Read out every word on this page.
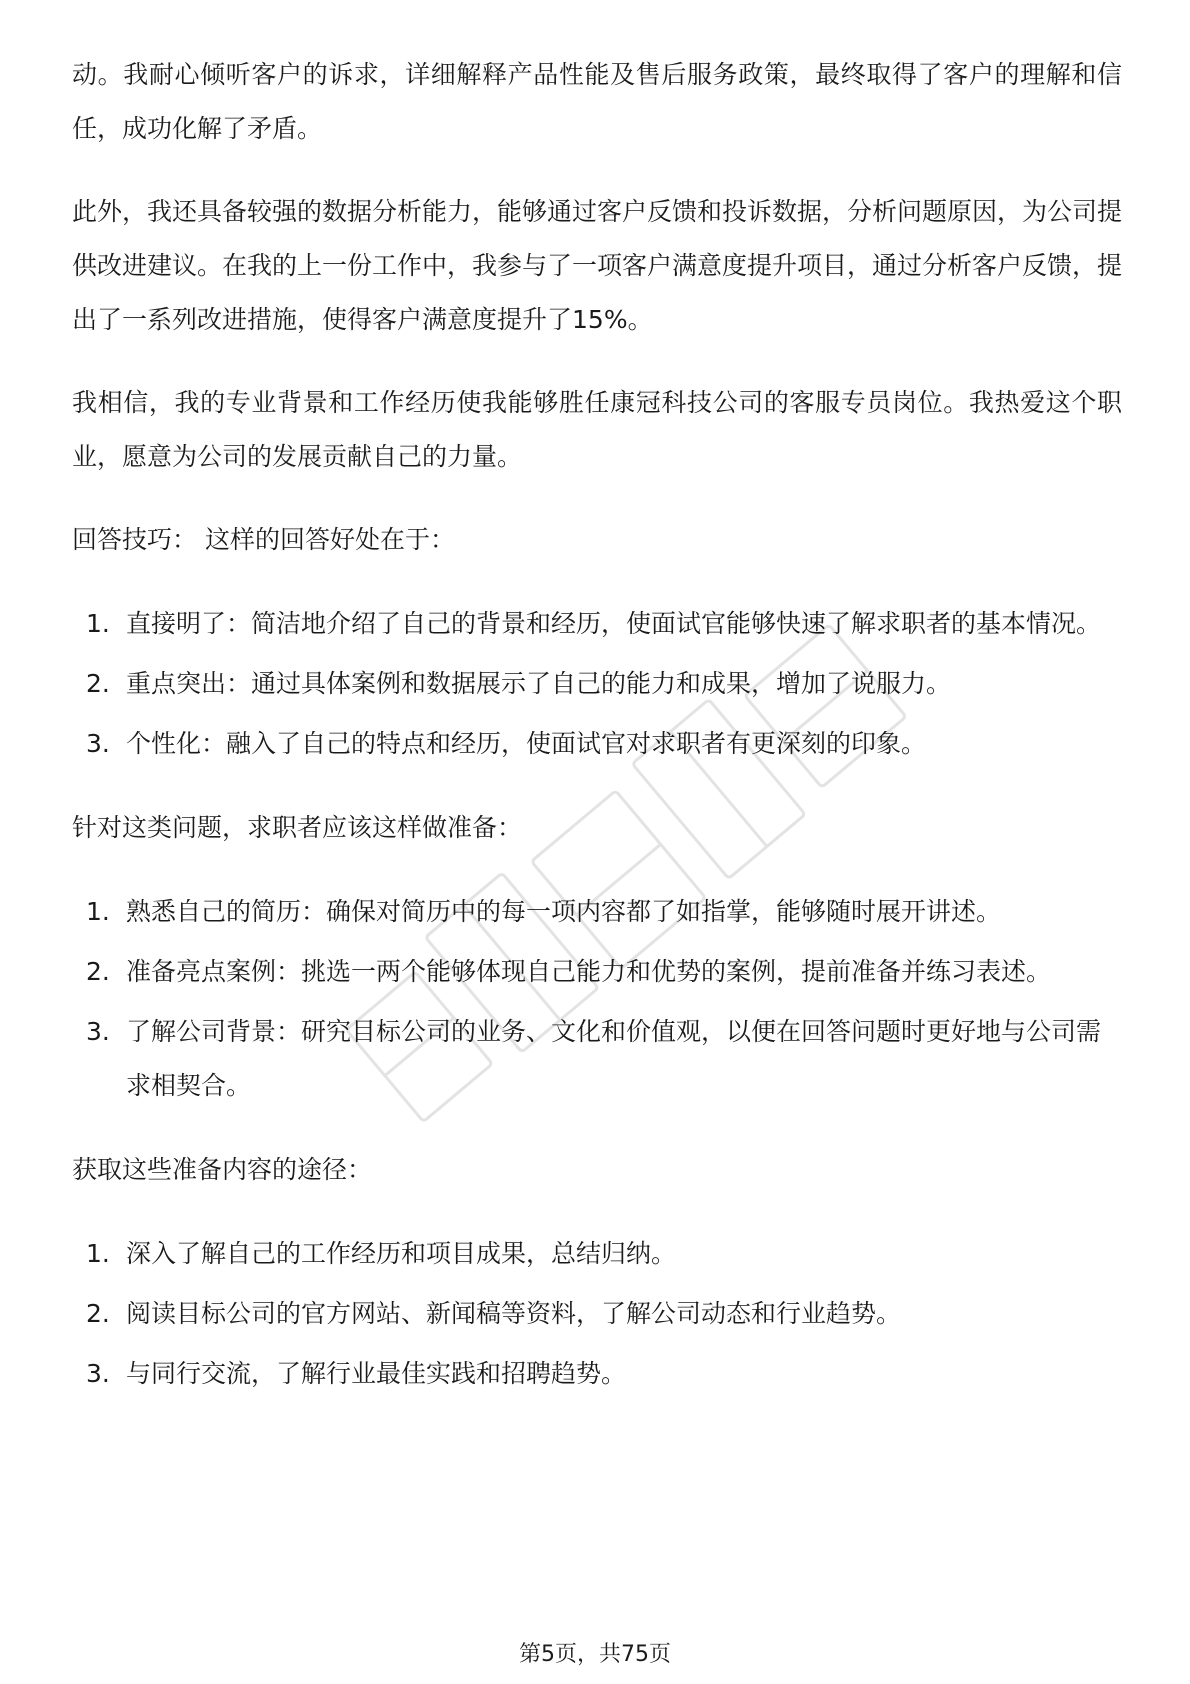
动。我耐心倾听客户的诉求，详细解释产品性能及售后服务政策，最终取得了客户的理解和信任，成功化解了矛盾。

此外，我还具备较强的数据分析能力，能够通过客户反馈和投诉数据，分析问题原因，为公司提供改进建议。在我的上一份工作中，我参与了一项客户满意度提升项目，通过分析客户反馈，提出了一系列改进措施，使得客户满意度提升了15%。

我相信，我的专业背景和工作经历使我能够胜任康冠科技公司的客服专员岗位。我热爱这个职业，愿意为公司的发展贡献自己的力量。

回答技巧： 这样的回答好处在于：

1. 直接明了：简洁地介绍了自己的背景和经历，使面试官能够快速了解求职者的基本情况。
2. 重点突出：通过具体案例和数据展示了自己的能力和成果，增加了说服力。
3. 个性化：融入了自己的特点和经历，使面试官对求职者有更深刻的印象。

针对这类问题，求职者应该这样做准备：

1. 熟悉自己的简历：确保对简历中的每一项内容都了如指掌，能够随时展开讲述。
2. 准备亮点案例：挑选一两个能够体现自己能力和优势的案例，提前准备并练习表述。
3. 了解公司背景：研究目标公司的业务、文化和价值观，以便在回答问题时更好地与公司需求相契合。

获取这些准备内容的途径：

1. 深入了解自己的工作经历和项目成果，总结归纳。
2. 阅读目标公司的官方网站、新闻稿等资料，了解公司动态和行业趋势。
3. 与同行交流，了解行业最佳实践和招聘趋势。
第5页，共75页
